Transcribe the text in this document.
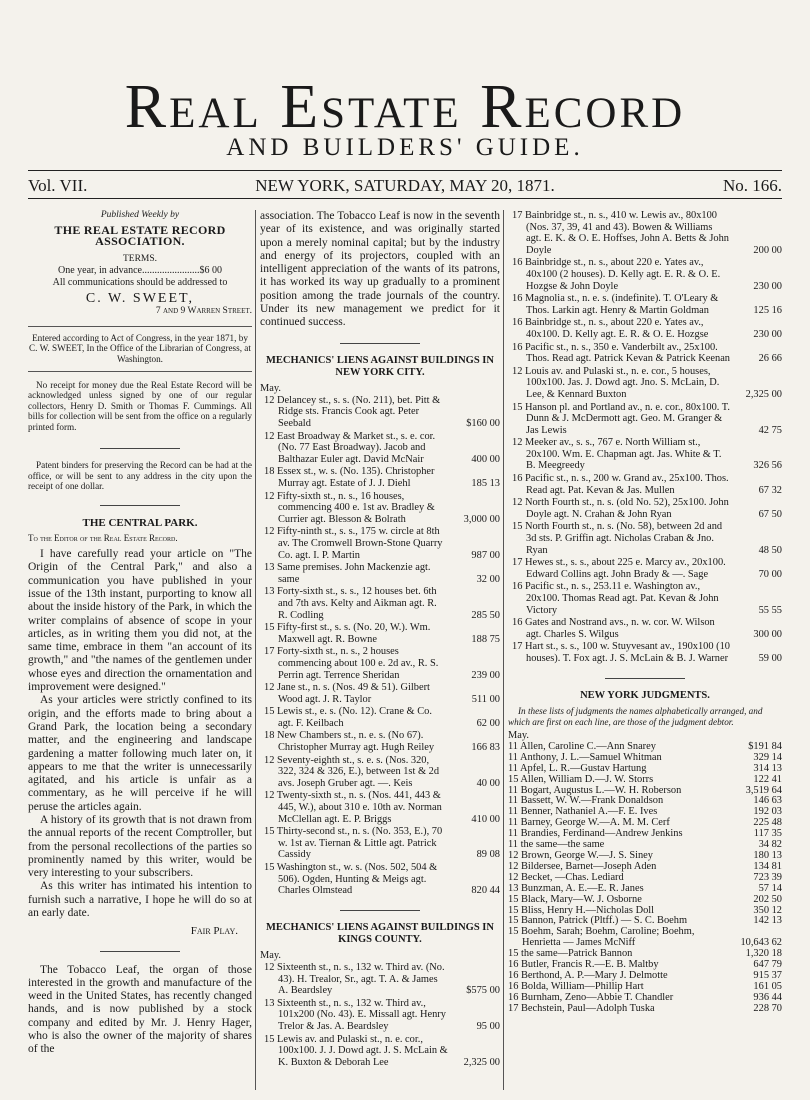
Real Estate Record
AND BUILDERS' GUIDE.
Vol. VII.	NEW YORK, SATURDAY, MAY 20, 1871.	No. 166.
Published Weekly by
THE REAL ESTATE RECORD ASSOCIATION.
TERMS.
One year, in advance.......................$6 00
All communications should be addressed to
C. W. SWEET,
7 and 9 Warren Street.
Entered according to Act of Congress, in the year 1871, by C. W. SWEET, In the Office of the Librarian of Congress, at Washington.
No receipt for money due the Real Estate Record will be acknowledged unless signed by one of our regular collectors, Henry D. Smith or Thomas F. Cummings. All bills for collection will be sent from the office on a regularly printed form.
Patent binders for preserving the Record can be had at the office, or will be sent to any address in the city upon the receipt of one dollar.
THE CENTRAL PARK.
To the Editor of the Real Estate Record.

I have carefully read your article on "The Origin of the Central Park," and also a communication you have published in your issue of the 13th instant, purporting to know all about the inside history of the Park, in which the writer complains of absence of scope in your articles, as in writing them you did not, at the same time, embrace in them "an account of its growth," and "the names of the gentlemen under whose eyes and direction the ornamentation and improvement were designed."

As your articles were strictly confined to its origin, and the efforts made to bring about a Grand Park, the location being a secondary matter, and the engineering and landscape gardening a matter following much later on, it appears to me that the writer is unnecessarily agitated, and his article is unfair as a commentary, as he will perceive if he will peruse the articles again.

A history of its growth that is not drawn from the annual reports of the recent Comptroller, but from the personal recollections of the parties so prominently named by this writer, would be very interesting to your subscribers.

As this writer has intimated his intention to furnish such a narrative, I hope he will do so at an early date.

Fair Play.

The Tobacco Leaf, the organ of those interested in the growth and manufacture of the weed in the United States, has recently changed hands, and is now published by a stock company and edited by Mr. J. Henry Hager, who is also the owner of the majority of shares of the

association. The Tobacco Leaf is now in the seventh year of its existence, and was originally started upon a merely nominal capital; but by the industry and energy of its projectors, coupled with an intelligent appreciation of the wants of its patrons, it has worked its way up gradually to a prominent position among the trade journals of the country. Under its new management we predict for it continued success.

MECHANICS' LIENS AGAINST BUILDINGS IN NEW YORK CITY.
May.
12 Delancey st., s. s. (No. 211), bet. Pitt & Ridge sts. Francis Cook agt. Peter Seebald	$160 00
12 East Broadway & Market st., s. e. cor. (No. 77 East Broadway). Jacob and Balthazar Euler agt. David McNair	400 00
18 Essex st., w. s. (No. 135). Christopher Murray agt. Estate of J. J. Diehl	185 13
12 Fifty-sixth st., n. s., 16 houses, commencing 400 e. 1st av. Bradley & Currier agt. Blesson & Bolrath	3,000 00
12 Fifty-ninth st., s. s., 175 w. circle at 8th av. The Cromwell Brown-Stone Quarry Co. agt. I. P. Martin	987 00
13 Same premises. John Mackenzie agt. same	32 00
13 Forty-sixth st., s. s., 12 houses bet. 6th and 7th avs. Kelty and Aikman agt. R. R. Codling	285 50
15 Fifty-first st., s. s. (No. 20, W.). Wm. Maxwell agt. R. Bowne	188 75
17 Forty-sixth st., n. s., 2 houses commencing about 100 e. 2d av., R. S. Perrin agt. Terrence Sheridan	239 00
12 Jane st., n. s. (Nos. 49 & 51). Gilbert Wood agt. J. R. Taylor	511 00
15 Lewis st., e. s. (No. 12). Crane & Co. agt. F. Keilbach	62 00
18 New Chambers st., n. e. s. (No 67). Christopher Murray agt. Hugh Reiley	166 83
12 Seventy-eighth st., s. e. s. (Nos. 320, 322, 324 & 326, E.), between 1st & 2d avs. Joseph Gruber agt. —. Keis	40 00
12 Twenty-sixth st., n. s. (Nos. 441, 443 & 445, W.), about 310 e. 10th av. Norman McClellan agt. E. P. Briggs	410 00
15 Thirty-second st., n. s. (No. 353, E.), 70 w. 1st av. Tiernan & Little agt. Patrick Cassidy	89 08
15 Washington st., w. s. (Nos. 502, 504 & 506). Ogden, Hunting & Meigs agt. Charles Olmstead	820 44
MECHANICS' LIENS AGAINST BUILDINGS IN KINGS COUNTY.
May.
12 Sixteenth st., n. s., 132 w. Third av. (No. 43). H. Trealor, Sr., agt. T. A. & James A. Beardsley	$575 00
13 Sixteenth st., n. s., 132 w. Third av., 101x200 (No. 43). E. Missall agt. Henry Trelor & Jas. A. Beardsley	95 00
15 Lewis av. and Pulaski st., n. e. cor., 100x100. J. J. Dowd agt. J. S. McLain & K. Buxton & Deborah Lee	2,325 00
17 Bainbridge st., n. s., 410 w. Lewis av., 80x100 (Nos. 37, 39, 41 and 43). Bowen & Williams agt. E. K. & O. E. Hoffses, John A. Betts & John Doyle	200 00
16 Bainbridge st., n. s., about 220 e. Yates av., 40x100 (2 houses). D. Kelly agt. E. R. & O. E. Hozgse & John Doyle	230 00
16 Magnolia st., n. e. s. (indefinite). T. O'Leary & Thos. Larkin agt. Henry & Martin Goldman	125 16
16 Bainbridge st., n. s., about 220 e. Yates av., 40x100. D. Kelly agt. E. R. & O. E. Hozgse	230 00
16 Pacific st., n. s., 350 e. Vanderbilt av., 25x100. Thos. Read agt. Patrick Kevan & Patrick Keenan	26 66
12 Louis av. and Pulaski st., n. e. cor., 5 houses, 100x100. Jas. J. Dowd agt. Jno. S. McLain, D. Lee, & Kennard Buxton	2,325 00
15 Hanson pl. and Portland av., n. e. cor., 80x100. T. Dunn & J. McDermott agt. Geo. M. Granger & Jas Lewis	42 75
12 Meeker av., s. s., 767 e. North William st., 20x100. Wm. E. Chapman agt. Jas. White & T. B. Meegreedy	326 56
16 Pacific st., n. s., 200 w. Grand av., 25x100. Thos. Read agt. Pat. Kevan & Jas. Mullen	67 32
12 North Fourth st., n. s. (old No. 52), 25x100. John Doyle agt. N. Crahan & John Ryan	67 50
15 North Fourth st., n. s. (No. 58), between 2d and 3d sts. P. Griffin agt. Nicholas Craban & Jno. Ryan	48 50
17 Hewes st., s. s., about 225 e. Marcy av., 20x100. Edward Collins agt. John Brady & —. Sage	70 00
16 Pacific st., n. s., 253.11 e. Washington av., 20x100. Thomas Read agt. Pat. Kevan & John Victory	55 55
16 Gates and Nostrand avs., n. w. cor. W. Wilson agt. Charles S. Wilgus	300 00
17 Hart st., s. s., 100 w. Stuyvesant av., 190x100 (10 houses). T. Fox agt. J. S. McLain & B. J. Warner	59 00
NEW YORK JUDGMENTS.
In these lists of judgments the names alphabetically arranged, and which are first on each line, are those of the judgment debtor.
May.
11 Allen, Caroline C.—Ann Snarey	$191 84
11 Anthony, J. L.—Samuel Whitman	329 14
11 Apfel, L. R.—Gustav Hartung	314 13
15 Allen, William D.—J. W. Storrs	122 41
11 Bogart, Augustus L.—W. H. Roberson	3,519 64
11 Bassett, W. W.—Frank Donaldson	146 63
11 Benner, Nathaniel A.—F. E. Ives	192 03
11 Barney, George W.—A. M. M. Cerf	225 48
11 Brandies, Ferdinand—Andrew Jenkins	117 35
11 the same—the same	34 82
12 Brown, George W.—J. S. Siney	180 13
12 Bildersee, Barnet—Joseph Aden	134 81
12 Becket, —Chas. Lediard	723 39
13 Bunzman, A. E.—E. R. Janes	57 14
15 Black, Mary—W. J. Osborne	202 50
15 Bliss, Henry H.—Nicholas Doll	350 12
15 Bannon, Patrick (Pltff.) — S. C. Boehm	142 13
15 Boehm, Sarah; Boehm, Caroline; Boehm, Henrietta — James McNiff	10,643 62
15 the same—Patrick Bannon	1,320 18
16 Butler, Francis R.—E. B. Maltby	647 79
16 Berthond, A. P.—Mary J. Delmotte	915 37
16 Bolda, William—Phillip Hart	161 05
16 Burnham, Zeno—Abbie T. Chandler	936 44
17 Bechstein, Paul—Adolph Tuska	228 70
